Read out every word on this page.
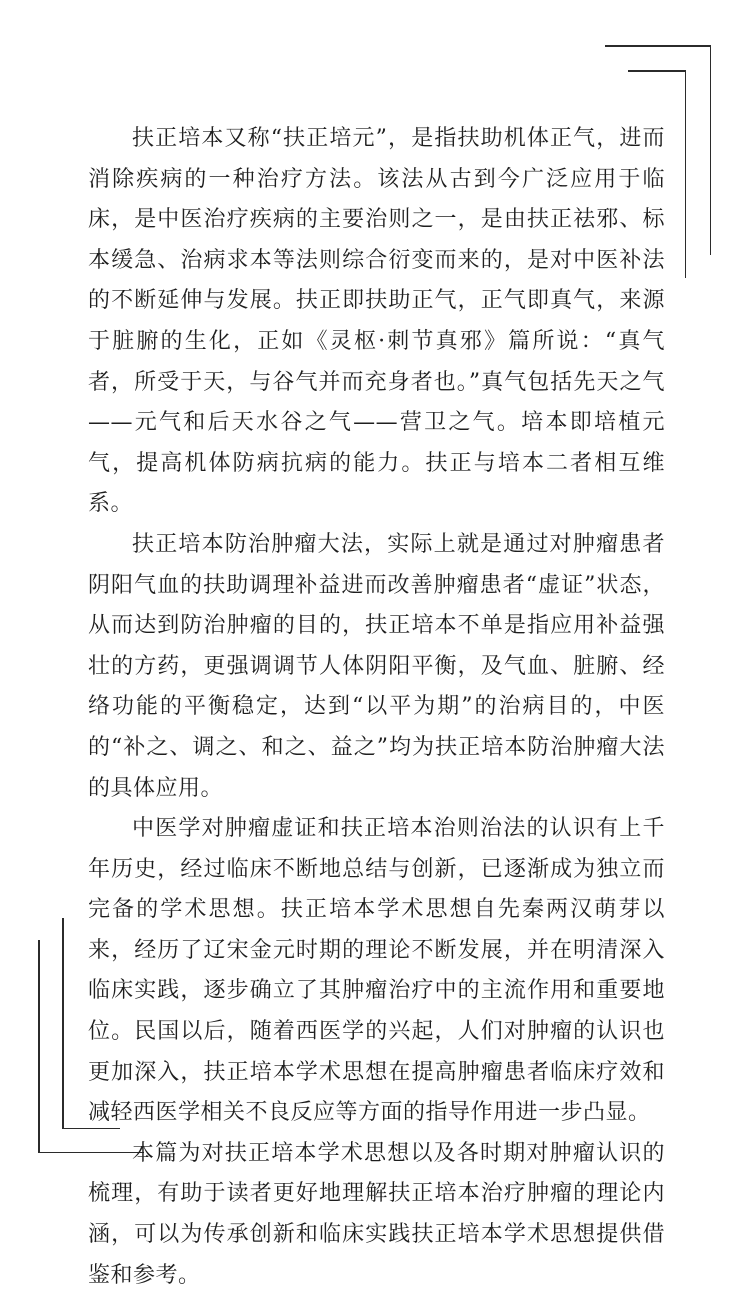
扶正培本又称“扶正培元”，是指扶助机体正气，进而消除疾病的一种治疗方法。该法从古到今广泛应用于临床，是中医治疗疾病的主要治则之一，是由扶正祛邪、标本缓急、治病求本等法则综合衍变而来的，是对中医补法的不断延伸与发展。扶正即扶助正气，正气即真气，来源于脏腑的生化，正如《灵枢·刺节真邪》篇所说：“真气者，所受于天，与谷气并而充身者也。”真气包括先天之气——元气和后天水谷之气——营卫之气。培本即培植元气，提高机体防病抗病的能力。扶正与培本二者相互维系。

扶正培本防治肿瘤大法，实际上就是通过对肿瘤患者阴阳气血的扶助调理补益进而改善肿瘤患者“虚证”状态，从而达到防治肿瘤的目的，扶正培本不单是指应用补益强壮的方药，更强调调节人体阴阳平衡，及气血、脏腑、经络功能的平衡稳定，达到“以平为期”的治病目的，中医的“补之、调之、和之、益之”均为扶正培本防治肿瘤大法的具体应用。

中医学对肿瘤虚证和扶正培本治则治法的认识有上千年历史，经过临床不断地总结与创新，已逐渐成为独立而完备的学术思想。扶正培本学术思想自先秦两汉萌芽以来，经历了辽宋金元时期的理论不断发展，并在明清深入临床实践，逐步确立了其肿瘤治疗中的主流作用和重要地位。民国以后，随着西医学的兴起，人们对肿瘤的认识也更加深入，扶正培本学术思想在提高肿瘤患者临床疗效和减轻西医学相关不良反应等方面的指导作用进一步凸显。

本篇为对扶正培本学术思想以及各时期对肿瘤认识的梳理，有助于读者更好地理解扶正培本治疗肿瘤的理论内涵，可以为传承创新和临床实践扶正培本学术思想提供借鉴和参考。
